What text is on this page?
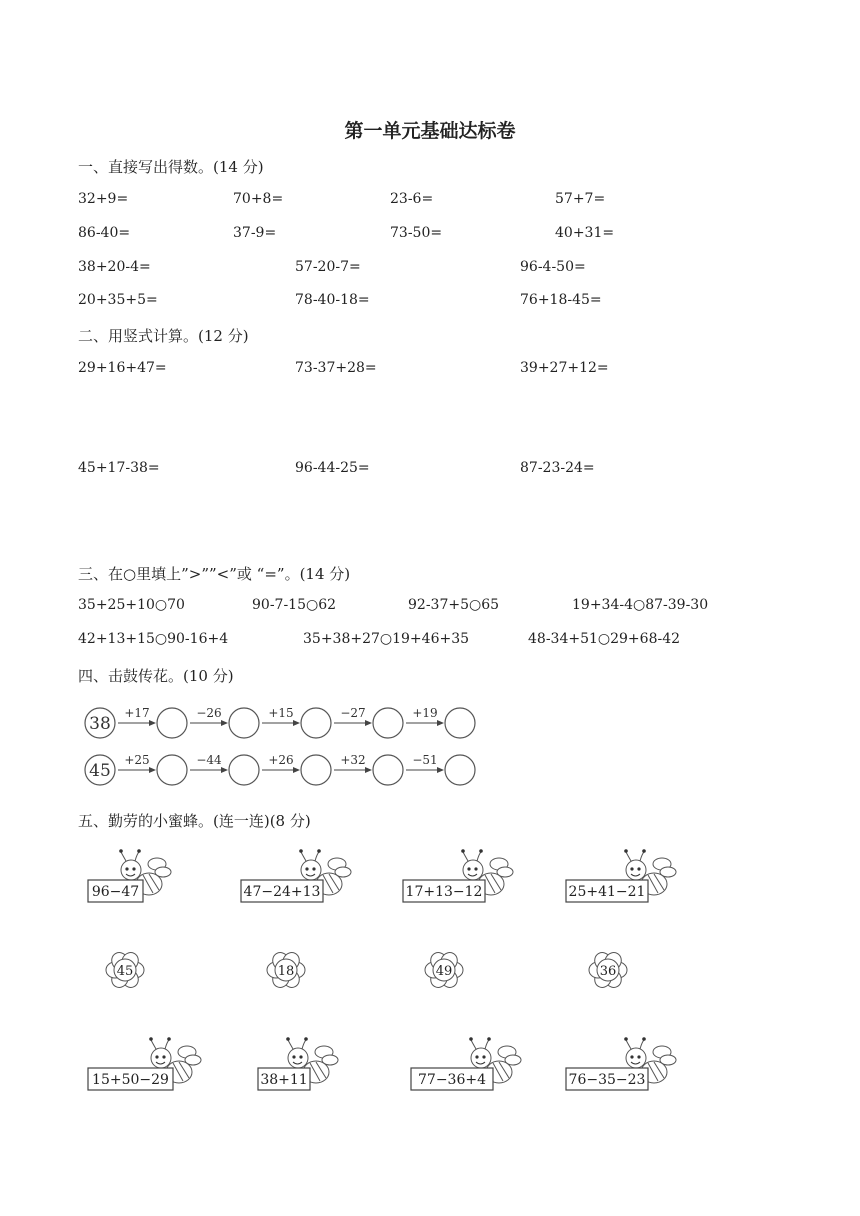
第一单元基础达标卷
一、直接写出得数。(14 分)
32+9=	70+8=	23-6=	57+7=
86-40=	37-9=	73-50=	40+31=
38+20-4=	57-20-7=	96-4-50=
20+35+5=	78-40-18=	76+18-45=
二、用竖式计算。(12 分)
29+16+47=	73-37+28=	39+27+12=
45+17-38=	96-44-25=	87-23-24=
三、在○里填上”>””<”或 “=”。(14 分)
35+25+10○70	90-7-15○62	92-37+5○65	19+34-4○87-39-30
42+13+15○90-16+4	35+38+27○19+46+35	48-34+51○29+68-42
四、击鼓传花。(10 分)
38
+17	−26	+15	−27	+19
45
+25	−44	+26	+32	−51
五、勤劳的小蜜蜂。(连一连)(8 分)
96−47	47−24+13	17+13−12	25+41−21
45	18	49	36
15+50−29	38+11	77−36+4	76−35−23
